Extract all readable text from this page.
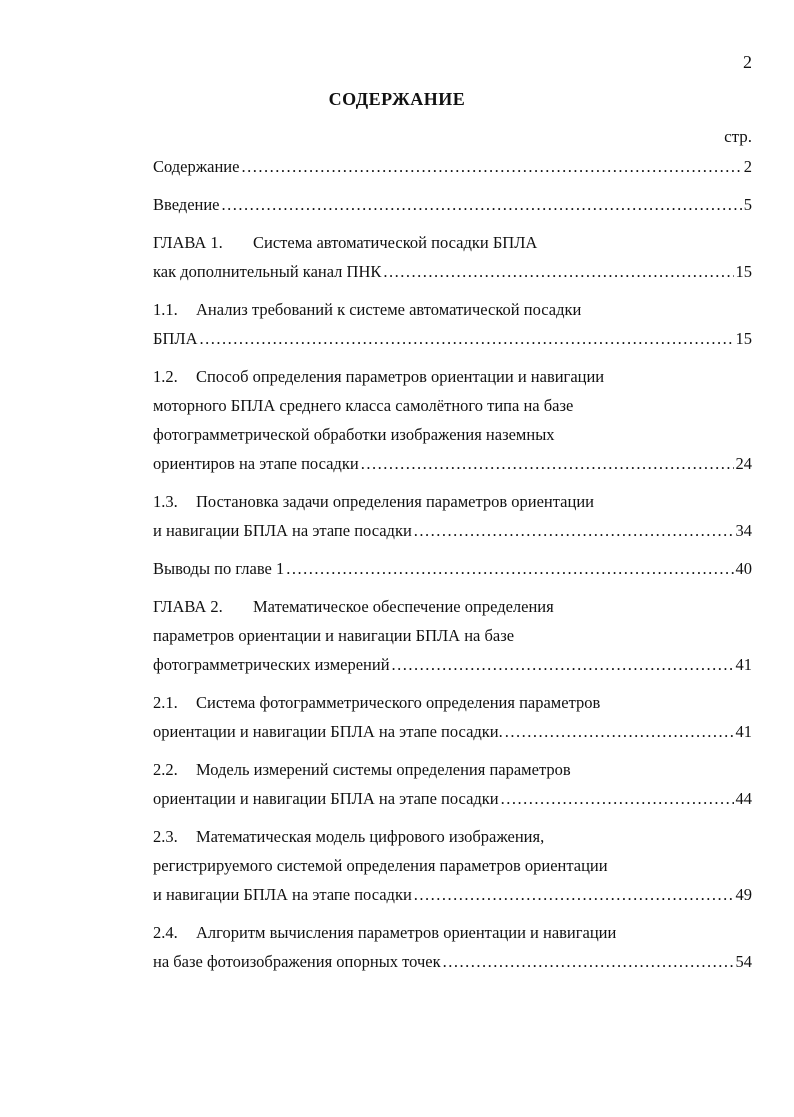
2
СОДЕРЖАНИЕ
стр.
Содержание .....	2
Введение .....	5
ГЛАВА 1. Система автоматической посадки БПЛА
как дополнительный канал ПНК .....	15
1.1. Анализ требований к системе автоматической посадки
БПЛА .....	15
1.2. Способ определения параметров ориентации и навигации
моторного БПЛА среднего класса самолётного типа на базе
фотограмметрической обработки изображения наземных
ориентиров на этапе посадки .....	24
1.3. Постановка задачи определения параметров ориентации
и навигации БПЛА на этапе посадки .....	34
Выводы по главе 1 .....	40
ГЛАВА 2. Математическое обеспечение определения
параметров ориентации и навигации БПЛА на базе
фотограмметрических измерений .....	41
2.1. Система фотограмметрического определения параметров
ориентации и навигации БПЛА на этапе посадки. .....	41
2.2. Модель измерений системы определения параметров
ориентации и навигации БПЛА на этапе посадки .....	44
2.3. Математическая модель цифрового изображения,
регистрируемого системой определения параметров ориентации
и навигации БПЛА на этапе посадки .....	49
2.4. Алгоритм вычисления параметров ориентации и навигации
на базе фотоизображения опорных точек .....	54
